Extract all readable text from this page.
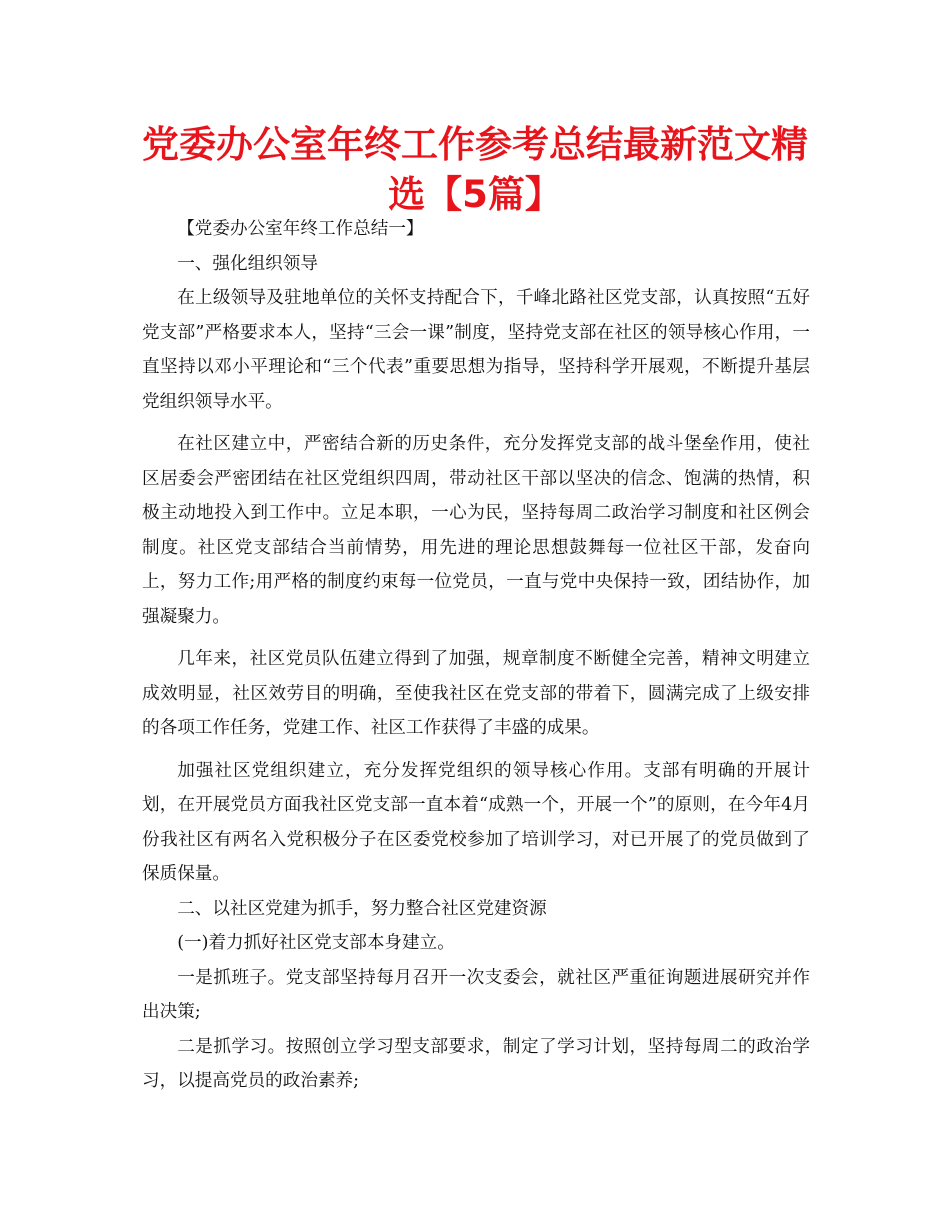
党委办公室年终工作参考总结最新范文精选【5篇】

【党委办公室年终工作总结一】

一、强化组织领导

在上级领导及驻地单位的关怀支持配合下，千峰北路社区党支部，认真按照“五好党支部”严格要求本人，坚持“三会一课”制度，坚持党支部在社区的领导核心作用，一直坚持以邓小平理论和“三个代表”重要思想为指导，坚持科学开展观，不断提升基层党组织领导水平。

在社区建立中，严密结合新的历史条件，充分发挥党支部的战斗堡垒作用，使社区居委会严密团结在社区党组织四周，带动社区干部以坚决的信念、饱满的热情，积极主动地投入到工作中。立足本职，一心为民，坚持每周二政治学习制度和社区例会制度。社区党支部结合当前情势，用先进的理论思想鼓舞每一位社区干部，发奋向上，努力工作;用严格的制度约束每一位党员，一直与党中央保持一致，团结协作，加强凝聚力。

几年来，社区党员队伍建立得到了加强，规章制度不断健全完善，精神文明建立成效明显，社区效劳目的明确，至使我社区在党支部的带着下，圆满完成了上级安排的各项工作任务，党建工作、社区工作获得了丰盛的成果。

加强社区党组织建立，充分发挥党组织的领导核心作用。支部有明确的开展计划，在开展党员方面我社区党支部一直本着“成熟一个，开展一个”的原则，在今年4月份我社区有两名入党积极分子在区委党校参加了培训学习，对已开展了的党员做到了保质保量。

二、以社区党建为抓手，努力整合社区党建资源

(一)着力抓好社区党支部本身建立。

一是抓班子。党支部坚持每月召开一次支委会，就社区严重征询题进展研究并作出决策;

二是抓学习。按照创立学习型支部要求，制定了学习计划，坚持每周二的政治学习，以提高党员的政治素养;
